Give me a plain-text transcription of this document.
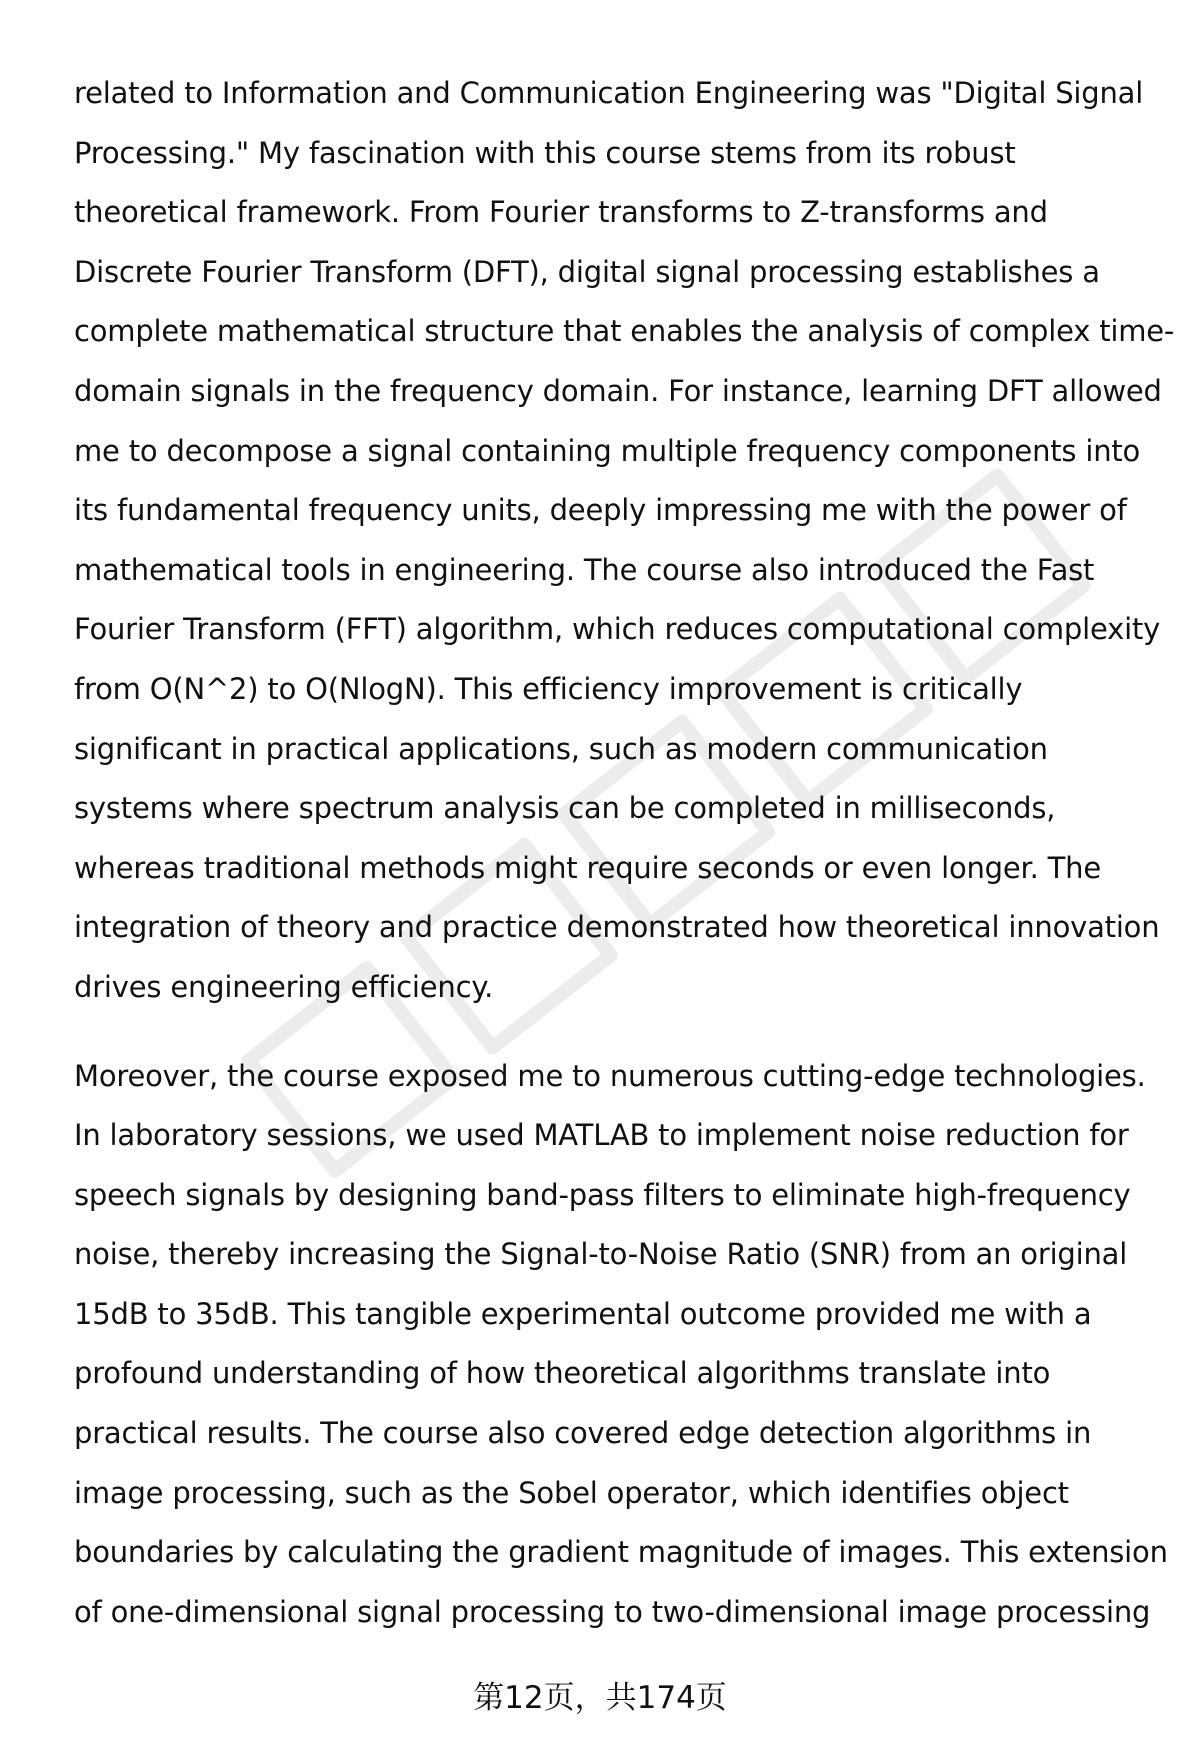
related to Information and Communication Engineering was "Digital Signal
Processing." My fascination with this course stems from its robust
theoretical framework. From Fourier transforms to Z-transforms and
Discrete Fourier Transform (DFT), digital signal processing establishes a
complete mathematical structure that enables the analysis of complex time-
domain signals in the frequency domain. For instance, learning DFT allowed
me to decompose a signal containing multiple frequency components into
its fundamental frequency units, deeply impressing me with the power of
mathematical tools in engineering. The course also introduced the Fast
Fourier Transform (FFT) algorithm, which reduces computational complexity
from O(N^2) to O(NlogN). This efficiency improvement is critically
significant in practical applications, such as modern communication
systems where spectrum analysis can be completed in milliseconds,
whereas traditional methods might require seconds or even longer. The
integration of theory and practice demonstrated how theoretical innovation
drives engineering efficiency.

Moreover, the course exposed me to numerous cutting-edge technologies.
In laboratory sessions, we used MATLAB to implement noise reduction for
speech signals by designing band-pass filters to eliminate high-frequency
noise, thereby increasing the Signal-to-Noise Ratio (SNR) from an original
15dB to 35dB. This tangible experimental outcome provided me with a
profound understanding of how theoretical algorithms translate into
practical results. The course also covered edge detection algorithms in
image processing, such as the Sobel operator, which identifies object
boundaries by calculating the gradient magnitude of images. This extension
of one-dimensional signal processing to two-dimensional image processing

第12页，共174页
